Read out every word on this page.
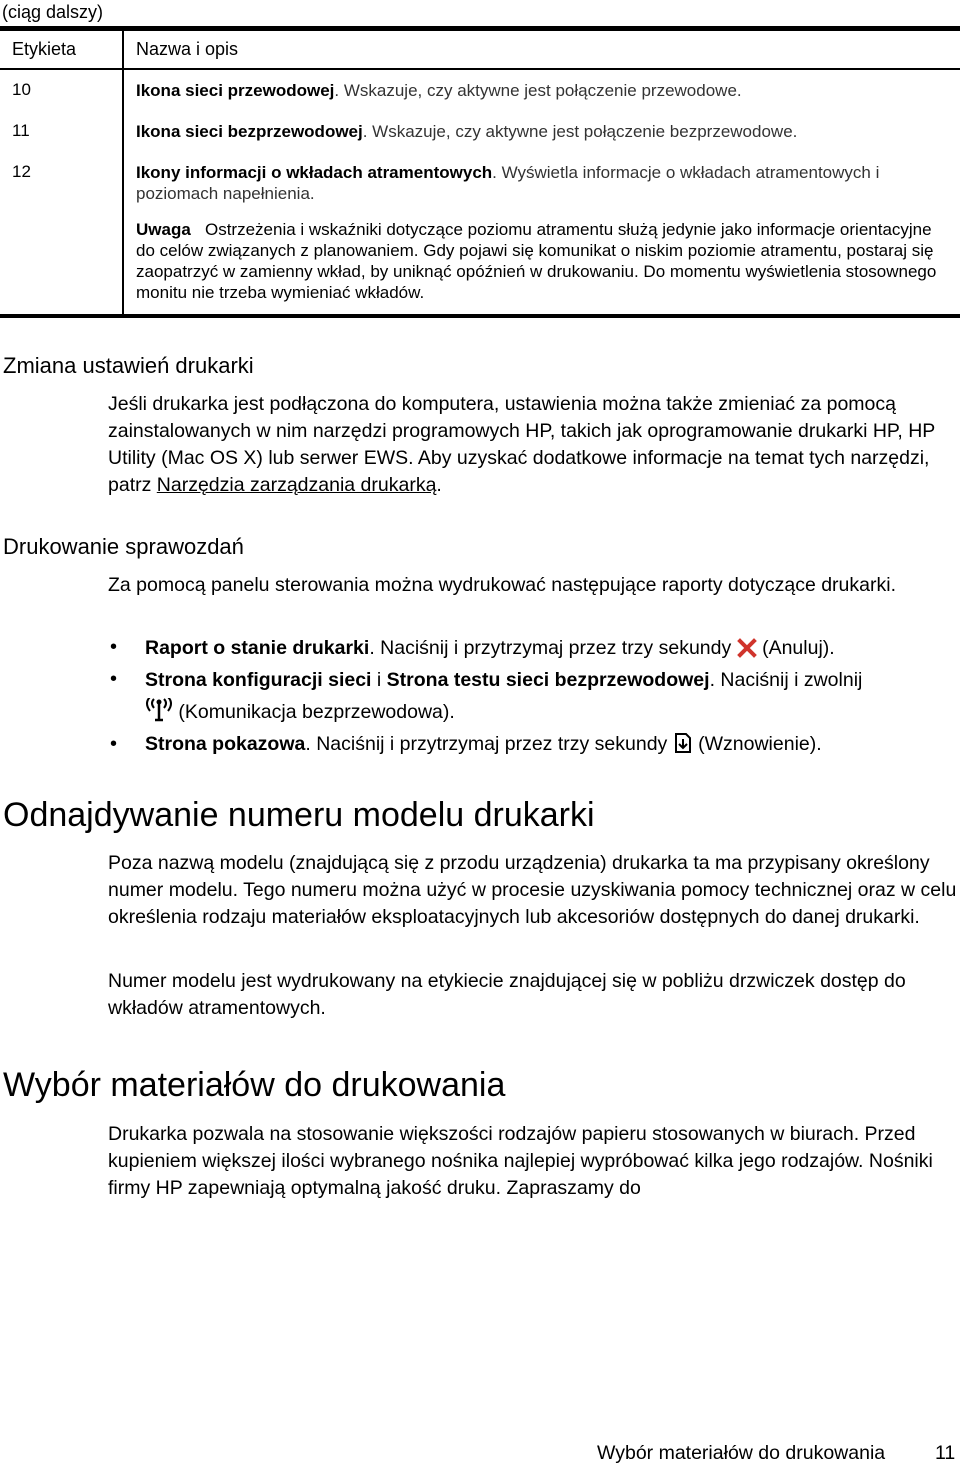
(ciąg dalszy)
Etykieta	Nazwa i opis
10	Ikona sieci przewodowej. Wskazuje, czy aktywne jest połączenie przewodowe.
11	Ikona sieci bezprzewodowej. Wskazuje, czy aktywne jest połączenie bezprzewodowe.
12	Ikony informacji o wkładach atramentowych. Wyświetla informacje o wkładach atramentowych i poziomach napełnienia.
Uwaga Ostrzeżenia i wskaźniki dotyczące poziomu atramentu służą jedynie jako informacje orientacyjne do celów związanych z planowaniem. Gdy pojawi się komunikat o niskim poziomie atramentu, postaraj się zaopatrzyć w zamienny wkład, by uniknąć opóźnień w drukowaniu. Do momentu wyświetlenia stosownego monitu nie trzeba wymieniać wkładów.
Zmiana ustawień drukarki
Jeśli drukarka jest podłączona do komputera, ustawienia można także zmieniać za pomocą zainstalowanych w nim narzędzi programowych HP, takich jak oprogramowanie drukarki HP, HP Utility (Mac OS X) lub serwer EWS. Aby uzyskać dodatkowe informacje na temat tych narzędzi, patrz Narzędzia zarządzania drukarką.
Drukowanie sprawozdań
Za pomocą panelu sterowania można wydrukować następujące raporty dotyczące drukarki.
• Raport o stanie drukarki. Naciśnij i przytrzymaj przez trzy sekundy  (Anuluj).
• Strona konfiguracji sieci i Strona testu sieci bezprzewodowej. Naciśnij i zwolnij
(Komunikacja bezprzewodowa).
• Strona pokazowa. Naciśnij i przytrzymaj przez trzy sekundy  (Wznowienie).
Odnajdywanie numeru modelu drukarki
Poza nazwą modelu (znajdującą się z przodu urządzenia) drukarka ta ma przypisany określony numer modelu. Tego numeru można użyć w procesie uzyskiwania pomocy technicznej oraz w celu określenia rodzaju materiałów eksploatacyjnych lub akcesoriów dostępnych do danej drukarki.
Numer modelu jest wydrukowany na etykiecie znajdującej się w pobliżu drzwiczek dostęp do wkładów atramentowych.
Wybór materiałów do drukowania
Drukarka pozwala na stosowanie większości rodzajów papieru stosowanych w biurach. Przed kupieniem większej ilości wybranego nośnika najlepiej wypróbować kilka jego rodzajów. Nośniki firmy HP zapewniają optymalną jakość druku. Zapraszamy do
Wybór materiałów do drukowania	11
